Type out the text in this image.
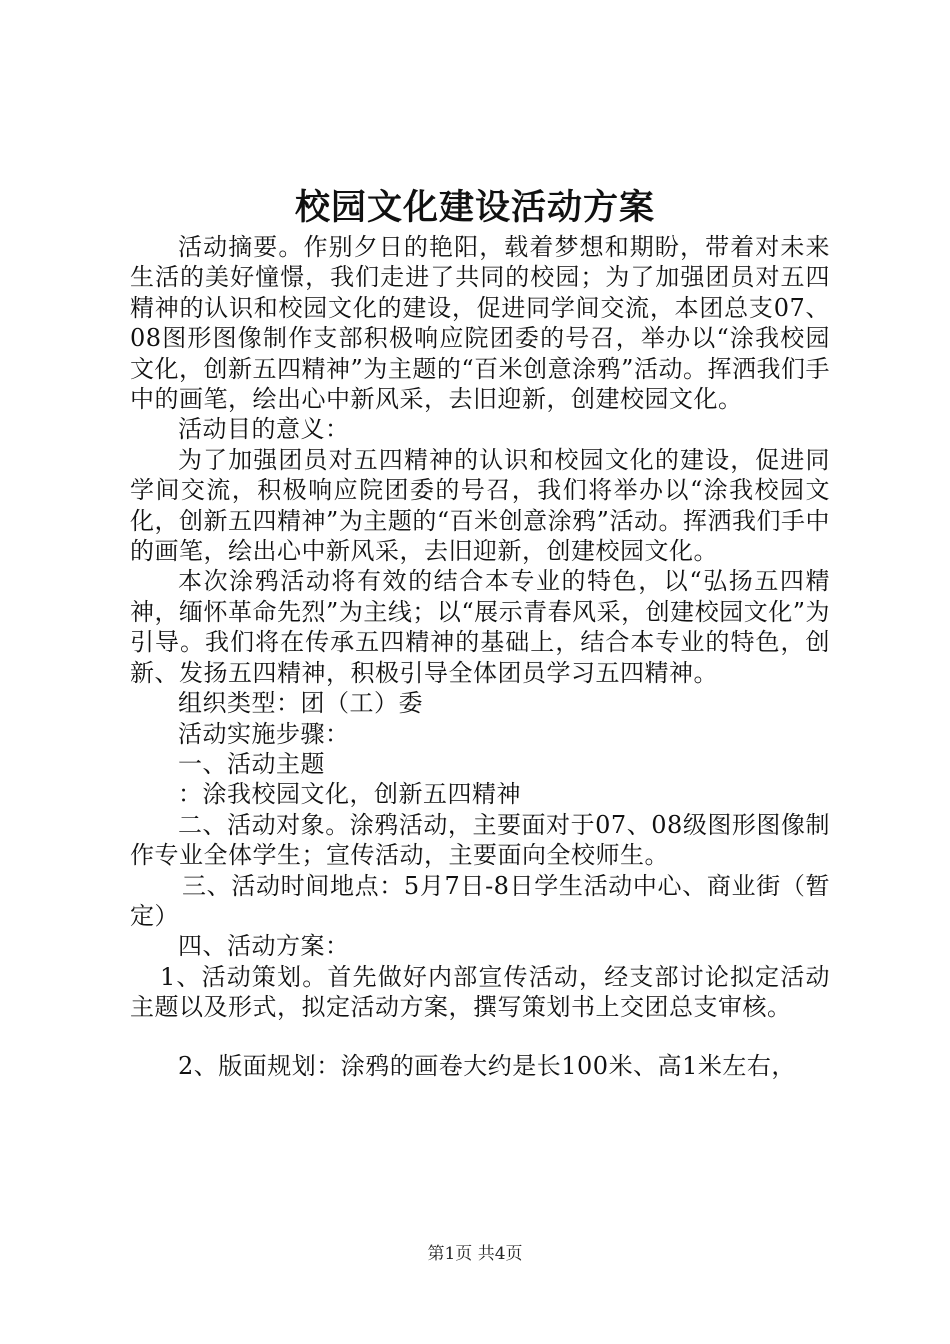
校园文化建设活动方案

活动摘要。作别夕日的艳阳，载着梦想和期盼，带着对未来生活的美好憧憬，我们走进了共同的校园；为了加强团员对五四精神的认识和校园文化的建设，促进同学间交流，本团总支07、08图形图像制作支部积极响应院团委的号召，举办以“涂我校园文化，创新五四精神”为主题的“百米创意涂鸦”活动。挥洒我们手中的画笔，绘出心中新风采，去旧迎新，创建校园文化。

活动目的意义：

为了加强团员对五四精神的认识和校园文化的建设，促进同学间交流，积极响应院团委的号召，我们将举办以“涂我校园文化，创新五四精神”为主题的“百米创意涂鸦”活动。挥洒我们手中的画笔，绘出心中新风采，去旧迎新，创建校园文化。

本次涂鸦活动将有效的结合本专业的特色，以“弘扬五四精神，缅怀革命先烈”为主线；以“展示青春风采，创建校园文化”为引导。我们将在传承五四精神的基础上，结合本专业的特色，创新、发扬五四精神，积极引导全体团员学习五四精神。

组织类型：团（工）委

活动实施步骤：

一、活动主题

：涂我校园文化，创新五四精神

二、活动对象。涂鸦活动，主要面对于07、08级图形图像制作专业全体学生；宣传活动，主要面向全校师生。

三、活动时间地点：5月7日-8日学生活动中心、商业街（暂定）

四、活动方案：

1、活动策划。首先做好内部宣传活动，经支部讨论拟定活动主题以及形式，拟定活动方案，撰写策划书上交团总支审核。

2、版面规划：涂鸦的画卷大约是长100米、高1米左右，

第1页 共4页
